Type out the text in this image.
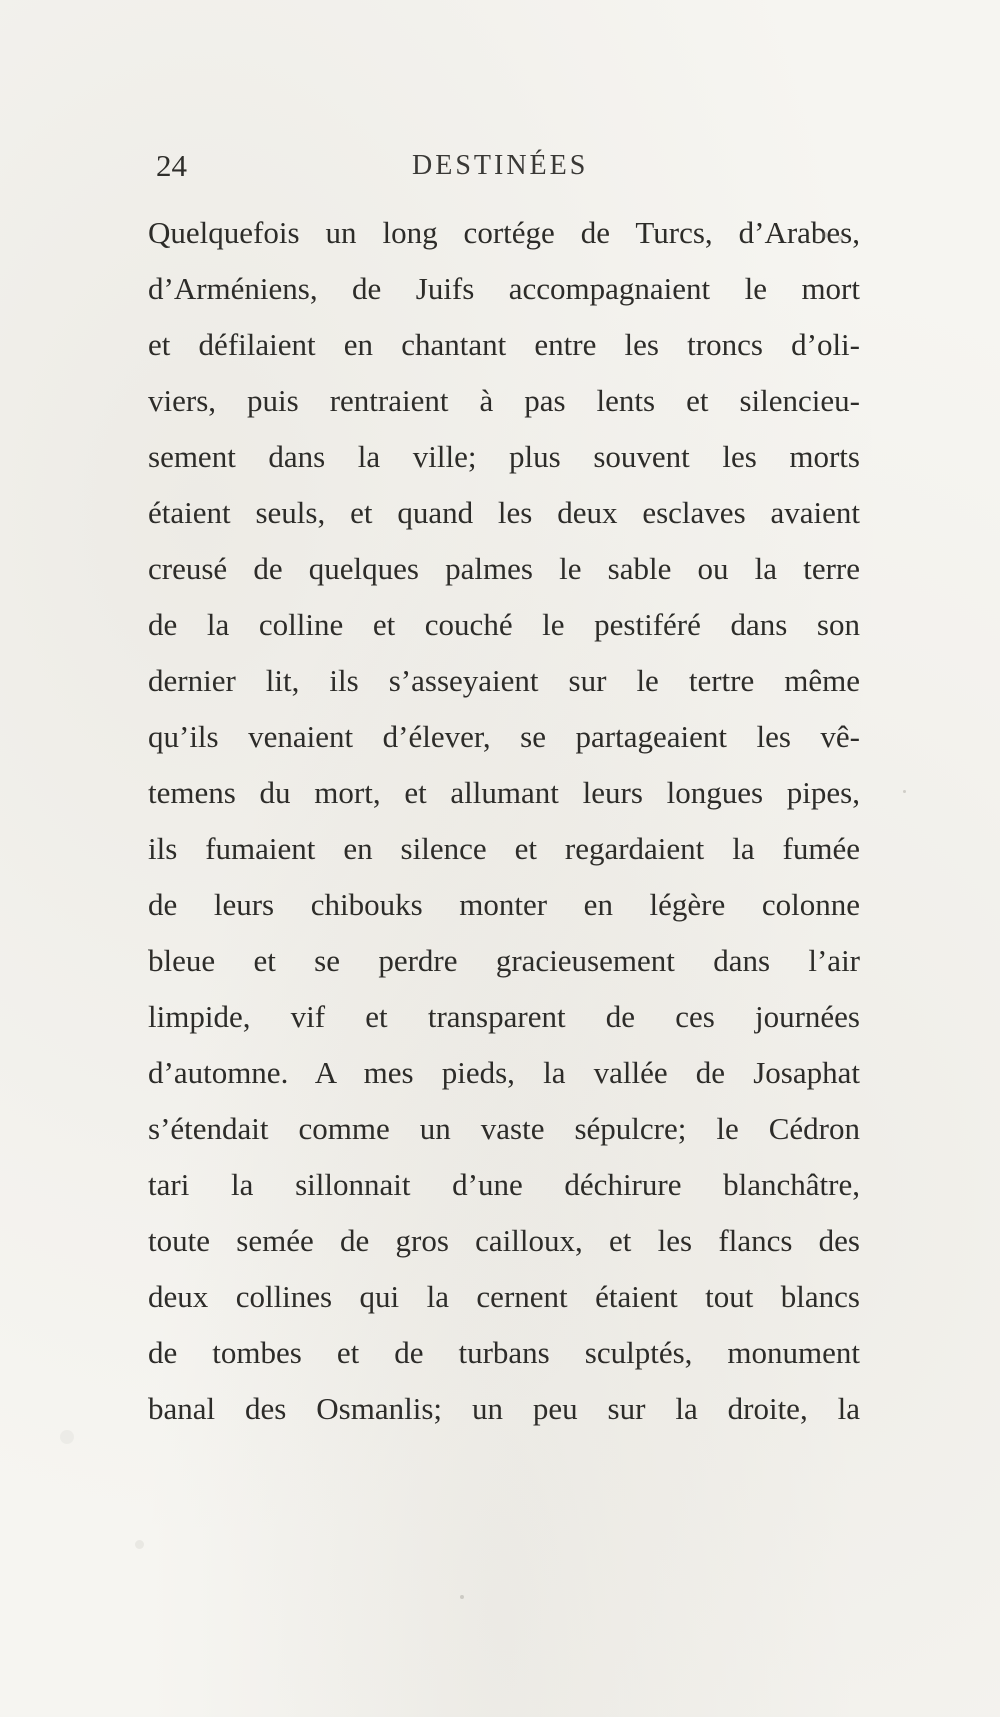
24	DESTINÉES
Quelquefois un long cortége de Turcs, d’Arabes,
d’Arméniens, de Juifs accompagnaient le mort
et défilaient en chantant entre les troncs d’oli-
viers, puis rentraient à pas lents et silencieu-
sement dans la ville; plus souvent les morts
étaient seuls, et quand les deux esclaves avaient
creusé de quelques palmes le sable ou la terre
de la colline et couché le pestiféré dans son
dernier lit, ils s’asseyaient sur le tertre même
qu’ils venaient d’élever, se partageaient les vê-
temens du mort, et allumant leurs longues pipes,
ils fumaient en silence et regardaient la fumée
de leurs chibouks monter en légère colonne
bleue et se perdre gracieusement dans l’air
limpide, vif et transparent de ces journées
d’automne. A mes pieds, la vallée de Josaphat
s’étendait comme un vaste sépulcre; le Cédron
tari la sillonnait d’une déchirure blanchâtre,
toute semée de gros cailloux, et les flancs des
deux collines qui la cernent étaient tout blancs
de tombes et de turbans sculptés, monument
banal des Osmanlis; un peu sur la droite, la
